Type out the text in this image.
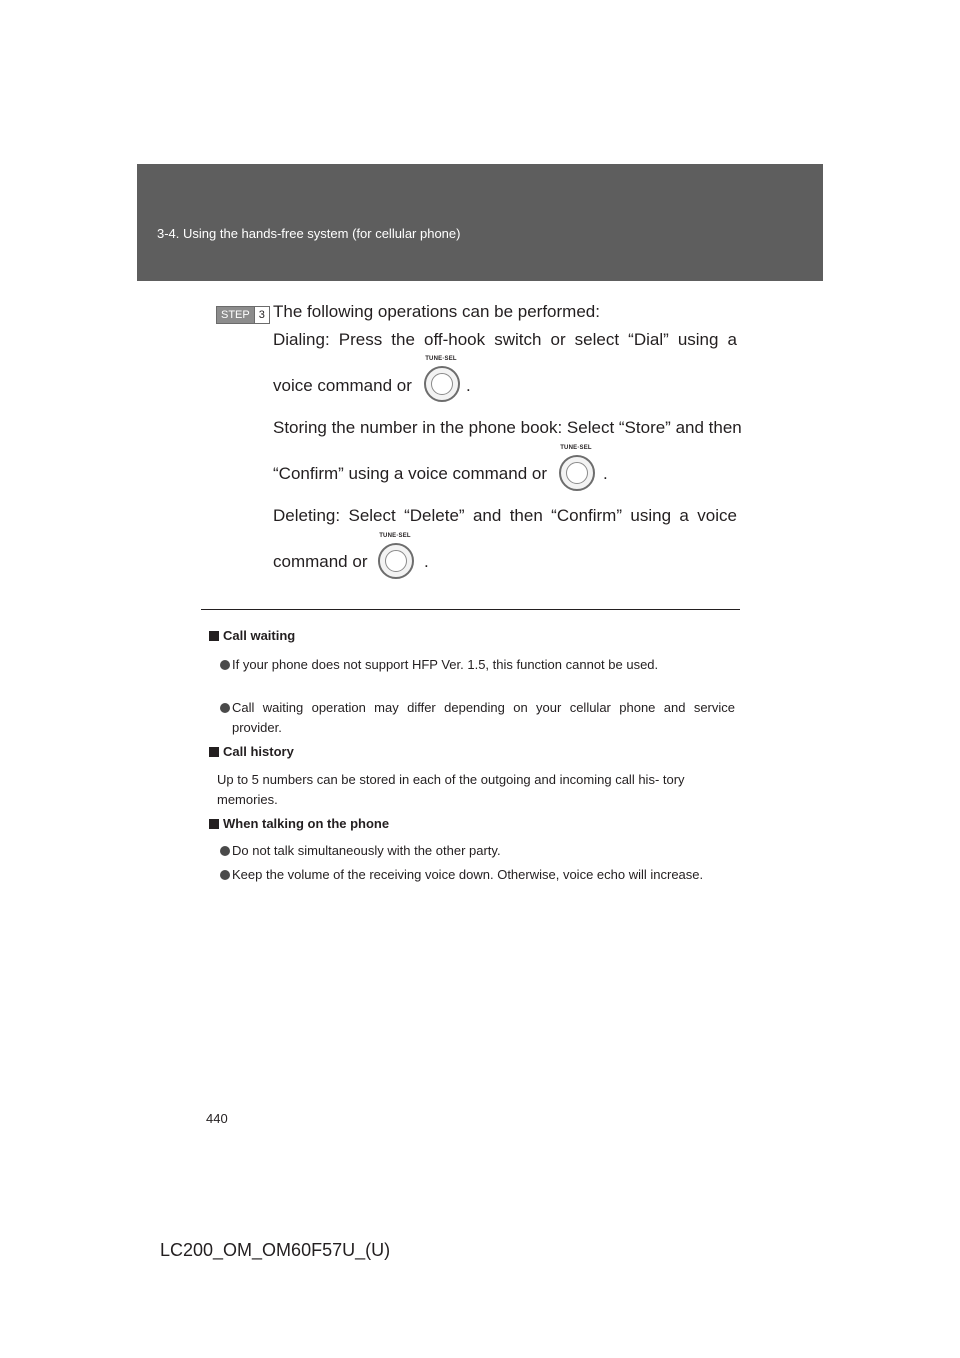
3-4. Using the hands-free system (for cellular phone)
STEP 3 The following operations can be performed:
Dialing: Press the off-hook switch or select “Dial” using a
voice command or
TUNE·SEL
.
Storing the number in the phone book: Select “Store” and then
“Confirm” using a voice command or
TUNE·SEL
.
Deleting: Select “Delete” and then “Confirm” using a voice
command or
TUNE·SEL
.
Call waiting
If your phone does not support HFP Ver. 1.5, this function cannot be used.
Call waiting operation may differ depending on your cellular phone and service provider.
Call history
Up to 5 numbers can be stored in each of the outgoing and incoming call his- tory memories.
When talking on the phone
Do not talk simultaneously with the other party.
Keep the volume of the receiving voice down. Otherwise, voice echo will increase.
440
LC200_OM_OM60F57U_(U)
